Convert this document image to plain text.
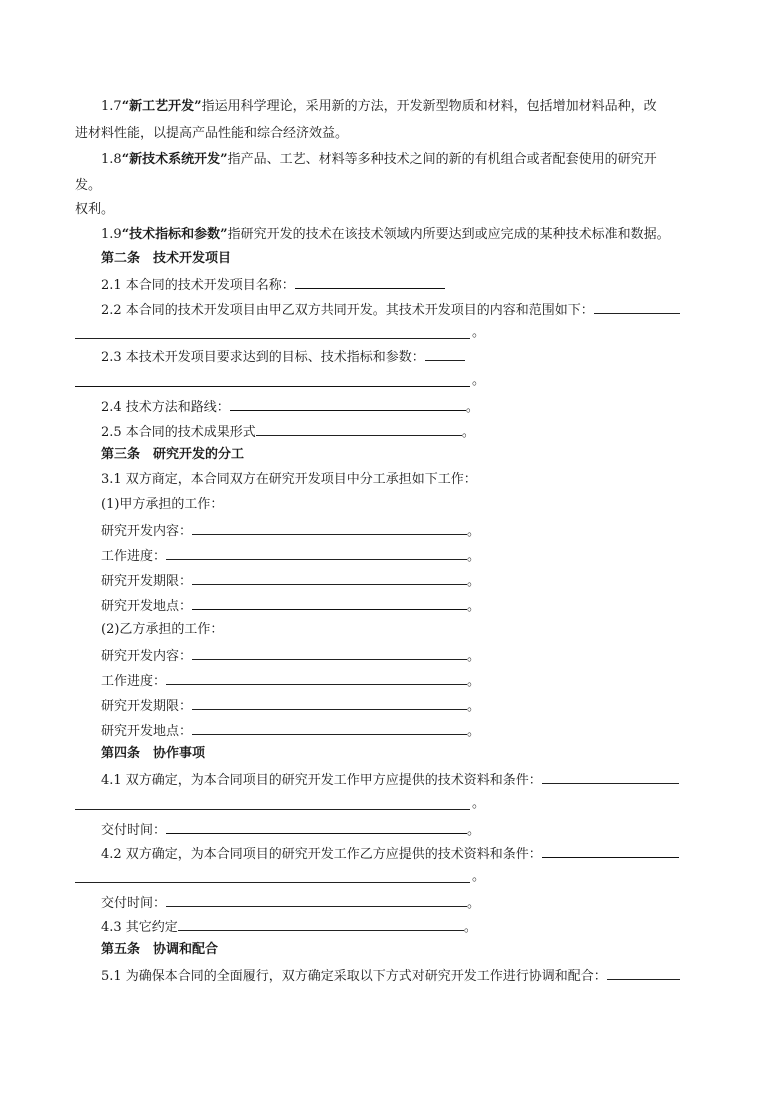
1.7“新工艺开发”指运用科学理论，采用新的方法，开发新型物质和材料，包括增加材料品种，改
进材料性能，以提高产品性能和综合经济效益。
1.8“新技术系统开发”指产品、工艺、材料等多种技术之间的新的有机组合或者配套使用的研究开
发。
权利。
1.9“技术指标和参数”指研究开发的技术在该技术领域内所要达到或应完成的某种技术标准和数据。
第二条　技术开发项目
2.1 本合同的技术开发项目名称：
2.2 本合同的技术开发项目由甲乙双方共同开发。其技术开发项目的内容和范围如下：
。
2.3 本技术开发项目要求达到的目标、技术指标和参数：
。
2.4 技术方法和路线：	。
2.5 本合同的技术成果形式	。
第三条　研究开发的分工
3.1 双方商定，本合同双方在研究开发项目中分工承担如下工作：
(1)甲方承担的工作：
研究开发内容：	。
工作进度：	。
研究开发期限：	。
研究开发地点：	。
(2)乙方承担的工作：
研究开发内容：	。
工作进度：	。
研究开发期限：	。
研究开发地点：	。
第四条　协作事项
4.1 双方确定，为本合同项目的研究开发工作甲方应提供的技术资料和条件：
。
交付时间：	。
4.2 双方确定，为本合同项目的研究开发工作乙方应提供的技术资料和条件：
。
交付时间：	。
4.3 其它约定	。
第五条　协调和配合
5.1 为确保本合同的全面履行，双方确定采取以下方式对研究开发工作进行协调和配合：
